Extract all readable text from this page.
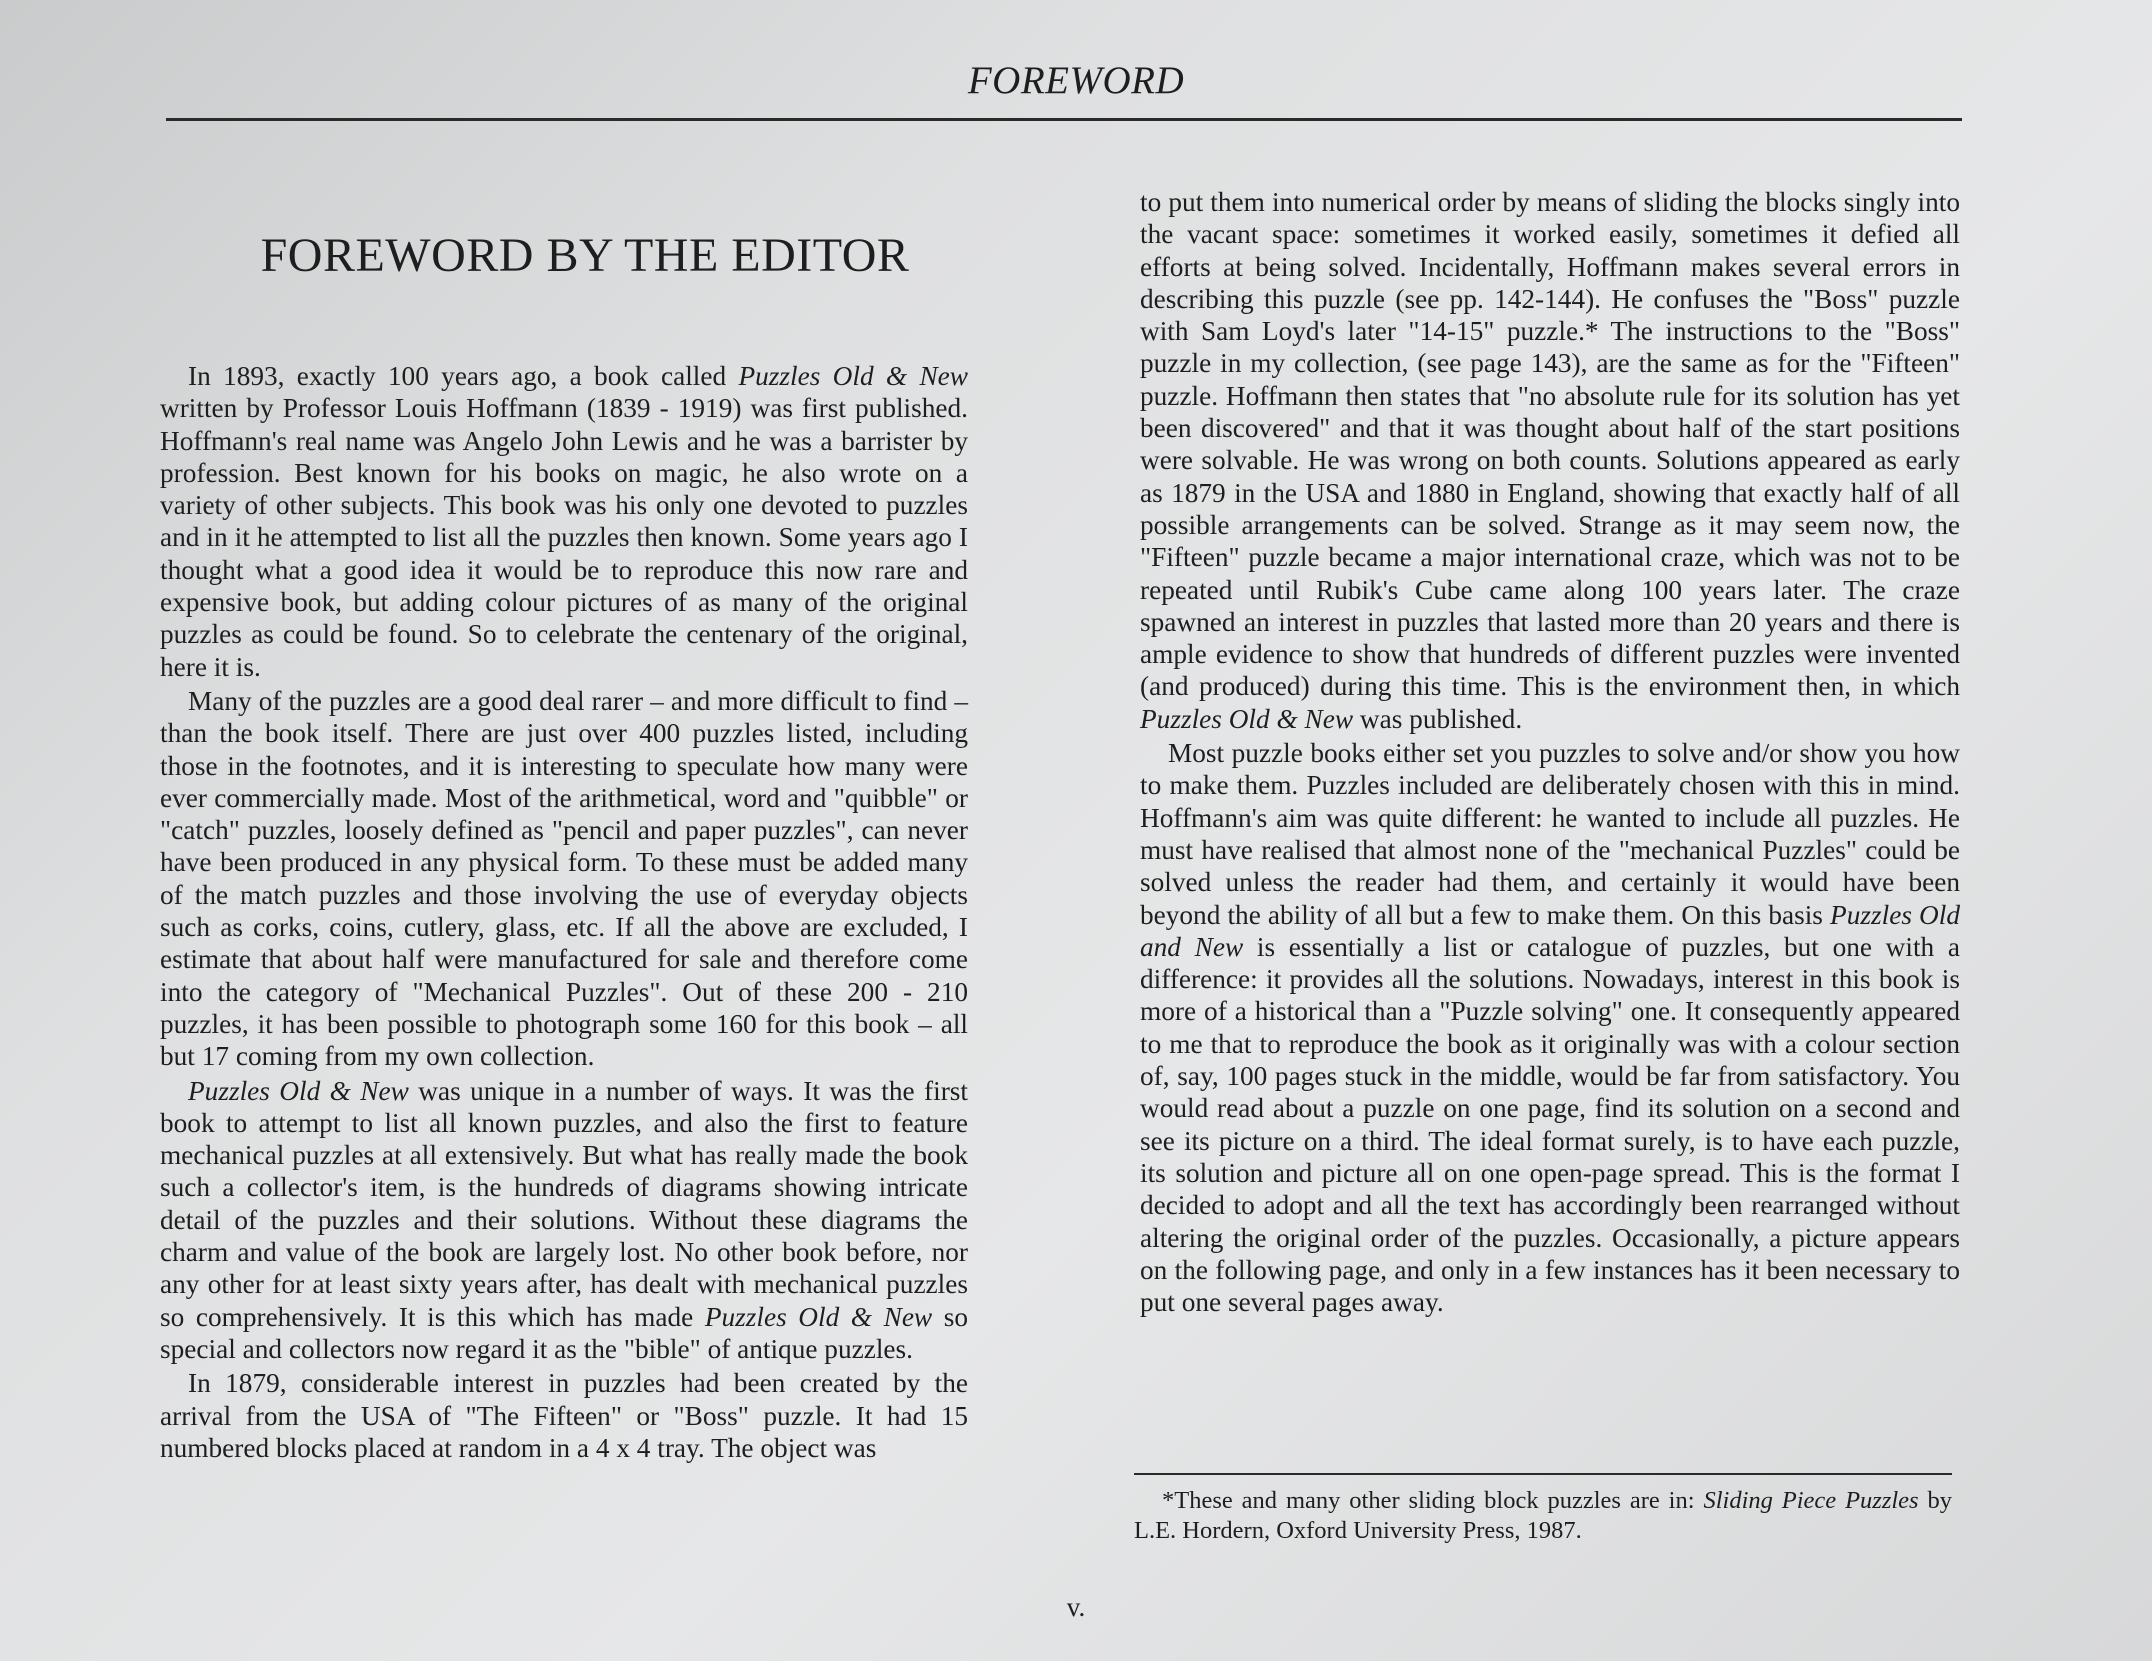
FOREWORD
FOREWORD BY THE EDITOR

In 1893, exactly 100 years ago, a book called Puzzles Old & New written by Professor Louis Hoffmann (1839 - 1919) was first published. Hoffmann's real name was Angelo John Lewis and he was a barrister by profession. Best known for his books on magic, he also wrote on a variety of other subjects. This book was his only one devoted to puzzles and in it he attempted to list all the puzzles then known. Some years ago I thought what a good idea it would be to reproduce this now rare and expensive book, but adding colour pictures of as many of the original puzzles as could be found. So to celebrate the centenary of the original, here it is.

Many of the puzzles are a good deal rarer – and more difficult to find – than the book itself. There are just over 400 puzzles listed, including those in the footnotes, and it is interesting to speculate how many were ever commercially made. Most of the arithmetical, word and "quibble" or "catch" puzzles, loosely defined as "pencil and paper puzzles", can never have been produced in any physical form. To these must be added many of the match puzzles and those involving the use of everyday objects such as corks, coins, cutlery, glass, etc. If all the above are excluded, I estimate that about half were manufactured for sale and therefore come into the category of "Mechanical Puzzles". Out of these 200 - 210 puzzles, it has been possible to photograph some 160 for this book – all but 17 coming from my own collection.

Puzzles Old & New was unique in a number of ways. It was the first book to attempt to list all known puzzles, and also the first to feature mechanical puzzles at all extensively. But what has really made the book such a collector's item, is the hundreds of diagrams showing intricate detail of the puzzles and their solutions. Without these diagrams the charm and value of the book are largely lost. No other book before, nor any other for at least sixty years after, has dealt with mechanical puzzles so comprehensively. It is this which has made Puzzles Old & New so special and collectors now regard it as the "bible" of antique puzzles.

In 1879, considerable interest in puzzles had been created by the arrival from the USA of "The Fifteen" or "Boss" puzzle. It had 15 numbered blocks placed at random in a 4 x 4 tray. The object was

to put them into numerical order by means of sliding the blocks singly into the vacant space: sometimes it worked easily, sometimes it defied all efforts at being solved. Incidentally, Hoffmann makes several errors in describing this puzzle (see pp. 142-144). He confuses the "Boss" puzzle with Sam Loyd's later "14-15" puzzle.* The instructions to the "Boss" puzzle in my collection, (see page 143), are the same as for the "Fifteen" puzzle. Hoffmann then states that "no absolute rule for its solution has yet been discovered" and that it was thought about half of the start positions were solvable. He was wrong on both counts. Solutions appeared as early as 1879 in the USA and 1880 in England, showing that exactly half of all possible arrangements can be solved. Strange as it may seem now, the "Fifteen" puzzle became a major international craze, which was not to be repeated until Rubik's Cube came along 100 years later. The craze spawned an interest in puzzles that lasted more than 20 years and there is ample evidence to show that hundreds of different puzzles were invented (and produced) during this time. This is the environment then, in which Puzzles Old & New was published.

Most puzzle books either set you puzzles to solve and/or show you how to make them. Puzzles included are deliberately chosen with this in mind. Hoffmann's aim was quite different: he wanted to include all puzzles. He must have realised that almost none of the "mechanical Puzzles" could be solved unless the reader had them, and certainly it would have been beyond the ability of all but a few to make them. On this basis Puzzles Old and New is essentially a list or catalogue of puzzles, but one with a difference: it provides all the solutions. Nowadays, interest in this book is more of a historical than a "Puzzle solving" one. It consequently appeared to me that to reproduce the book as it originally was with a colour section of, say, 100 pages stuck in the middle, would be far from satisfactory. You would read about a puzzle on one page, find its solution on a second and see its picture on a third. The ideal format surely, is to have each puzzle, its solution and picture all on one open-page spread. This is the format I decided to adopt and all the text has accordingly been rearranged without altering the original order of the puzzles. Occasionally, a picture appears on the following page, and only in a few instances has it been necessary to put one several pages away.

*These and many other sliding block puzzles are in: Sliding Piece Puzzles by L.E. Hordern, Oxford University Press, 1987.

v.
